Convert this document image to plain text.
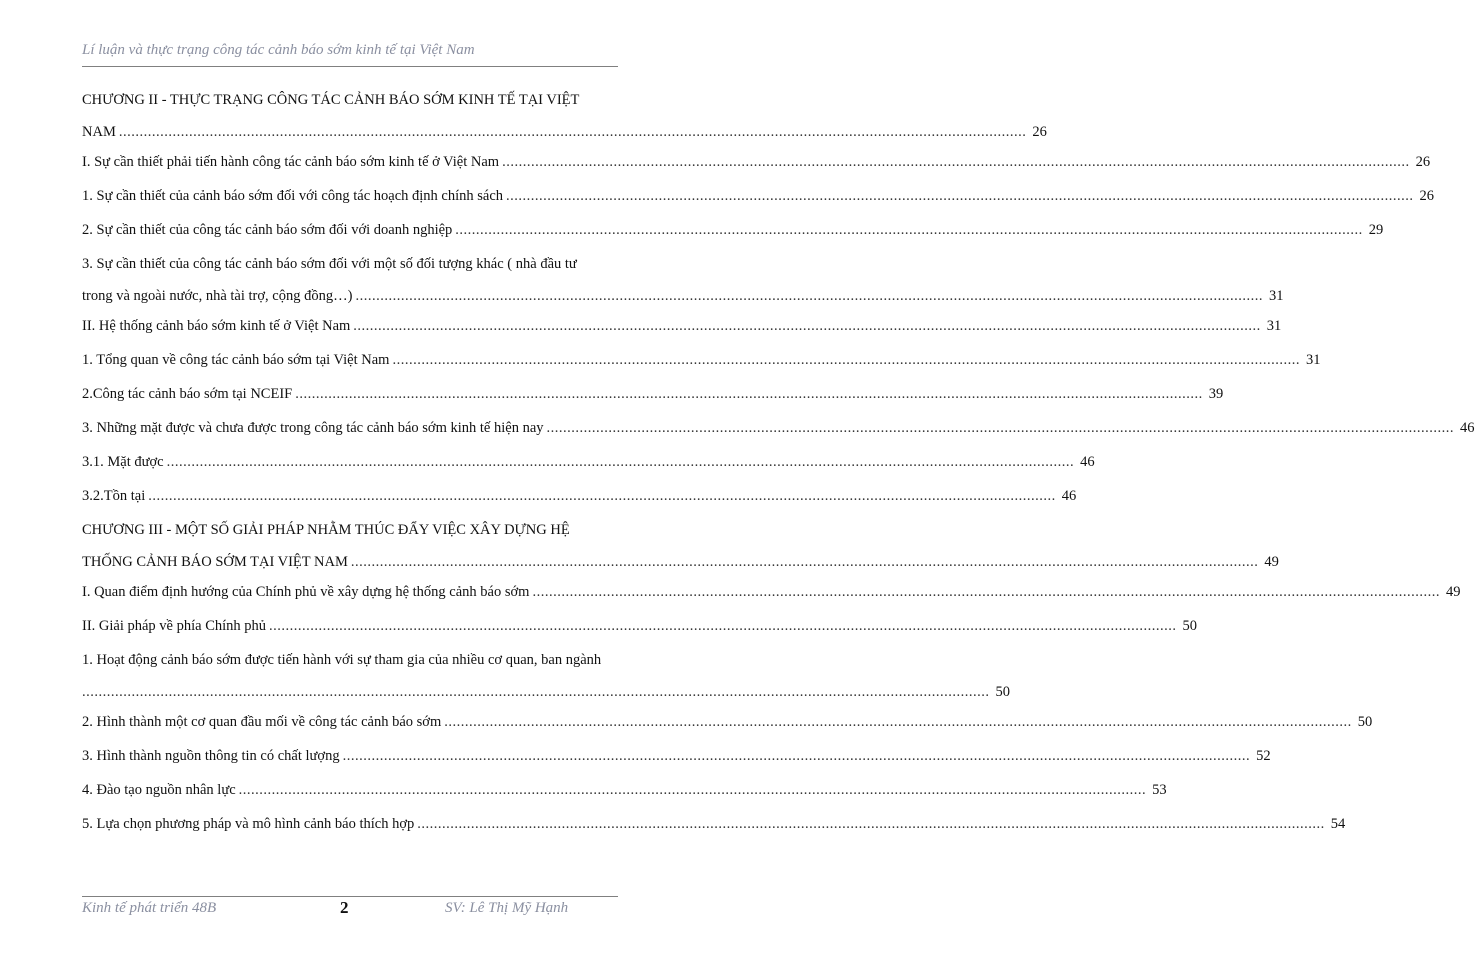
Lí luận và thực trạng công tác cảnh báo sớm kinh tế tại Việt Nam
CHƯƠNG II - THỰC TRẠNG CÔNG TÁC CẢNH BÁO SỚM KINH TẾ TẠI VIỆT
NAM ............................................................................................................................................................................................................................ 26
I. Sự cần thiết phải tiến hành công tác cảnh báo sớm kinh tế ở Việt Nam ............................................................................................................................................................................................................................ 26
1. Sự cần thiết của cảnh báo sớm đối với công tác hoạch định chính sách ............................................................................................................................................................................................................................ 26
2. Sự cần thiết của công tác cảnh báo sớm đối với doanh nghiệp ............................................................................................................................................................................................................................ 29
3. Sự cần thiết của công tác cảnh báo sớm đối với một số đối tượng khác ( nhà đầu tư
trong và ngoài nước, nhà tài trợ, cộng đồng…) ............................................................................................................................................................................................................................ 31
II. Hệ thống cảnh báo sớm kinh tế ở Việt Nam ............................................................................................................................................................................................................................ 31
1. Tổng quan về công tác cảnh báo sớm tại Việt Nam ............................................................................................................................................................................................................................ 31
2.Công tác cảnh báo sớm tại NCEIF ............................................................................................................................................................................................................................ 39
3. Những mặt được và chưa được trong công tác cảnh báo sớm kinh tế hiện nay ............................................................................................................................................................................................................................ 46
3.1. Mặt được ............................................................................................................................................................................................................................ 46
3.2.Tồn tại ............................................................................................................................................................................................................................ 46
CHƯƠNG III - MỘT SỐ GIẢI PHÁP NHẰM THÚC ĐẨY VIỆC XÂY DỰNG HỆ
THỐNG CẢNH BÁO SỚM TẠI VIỆT NAM ............................................................................................................................................................................................................................ 49
I. Quan điểm định hướng của Chính phủ về xây dựng hệ thống cảnh báo sớm ............................................................................................................................................................................................................................ 49
II. Giải pháp về phía Chính phủ ............................................................................................................................................................................................................................ 50
1. Hoạt động cảnh báo sớm được tiến hành với sự tham gia của nhiều cơ quan, ban ngành
............................................................................................................................................................................................................................ 50
2. Hình thành một cơ quan đầu mối về công tác cảnh báo sớm ............................................................................................................................................................................................................................ 50
3. Hình thành nguồn thông tin có chất lượng ............................................................................................................................................................................................................................ 52
4. Đào tạo nguồn nhân lực ............................................................................................................................................................................................................................ 53
5. Lựa chọn phương pháp và mô hình cảnh báo thích hợp ............................................................................................................................................................................................................................ 54
Kinh tế phát triển 48B	2	SV: Lê Thị Mỹ Hạnh
